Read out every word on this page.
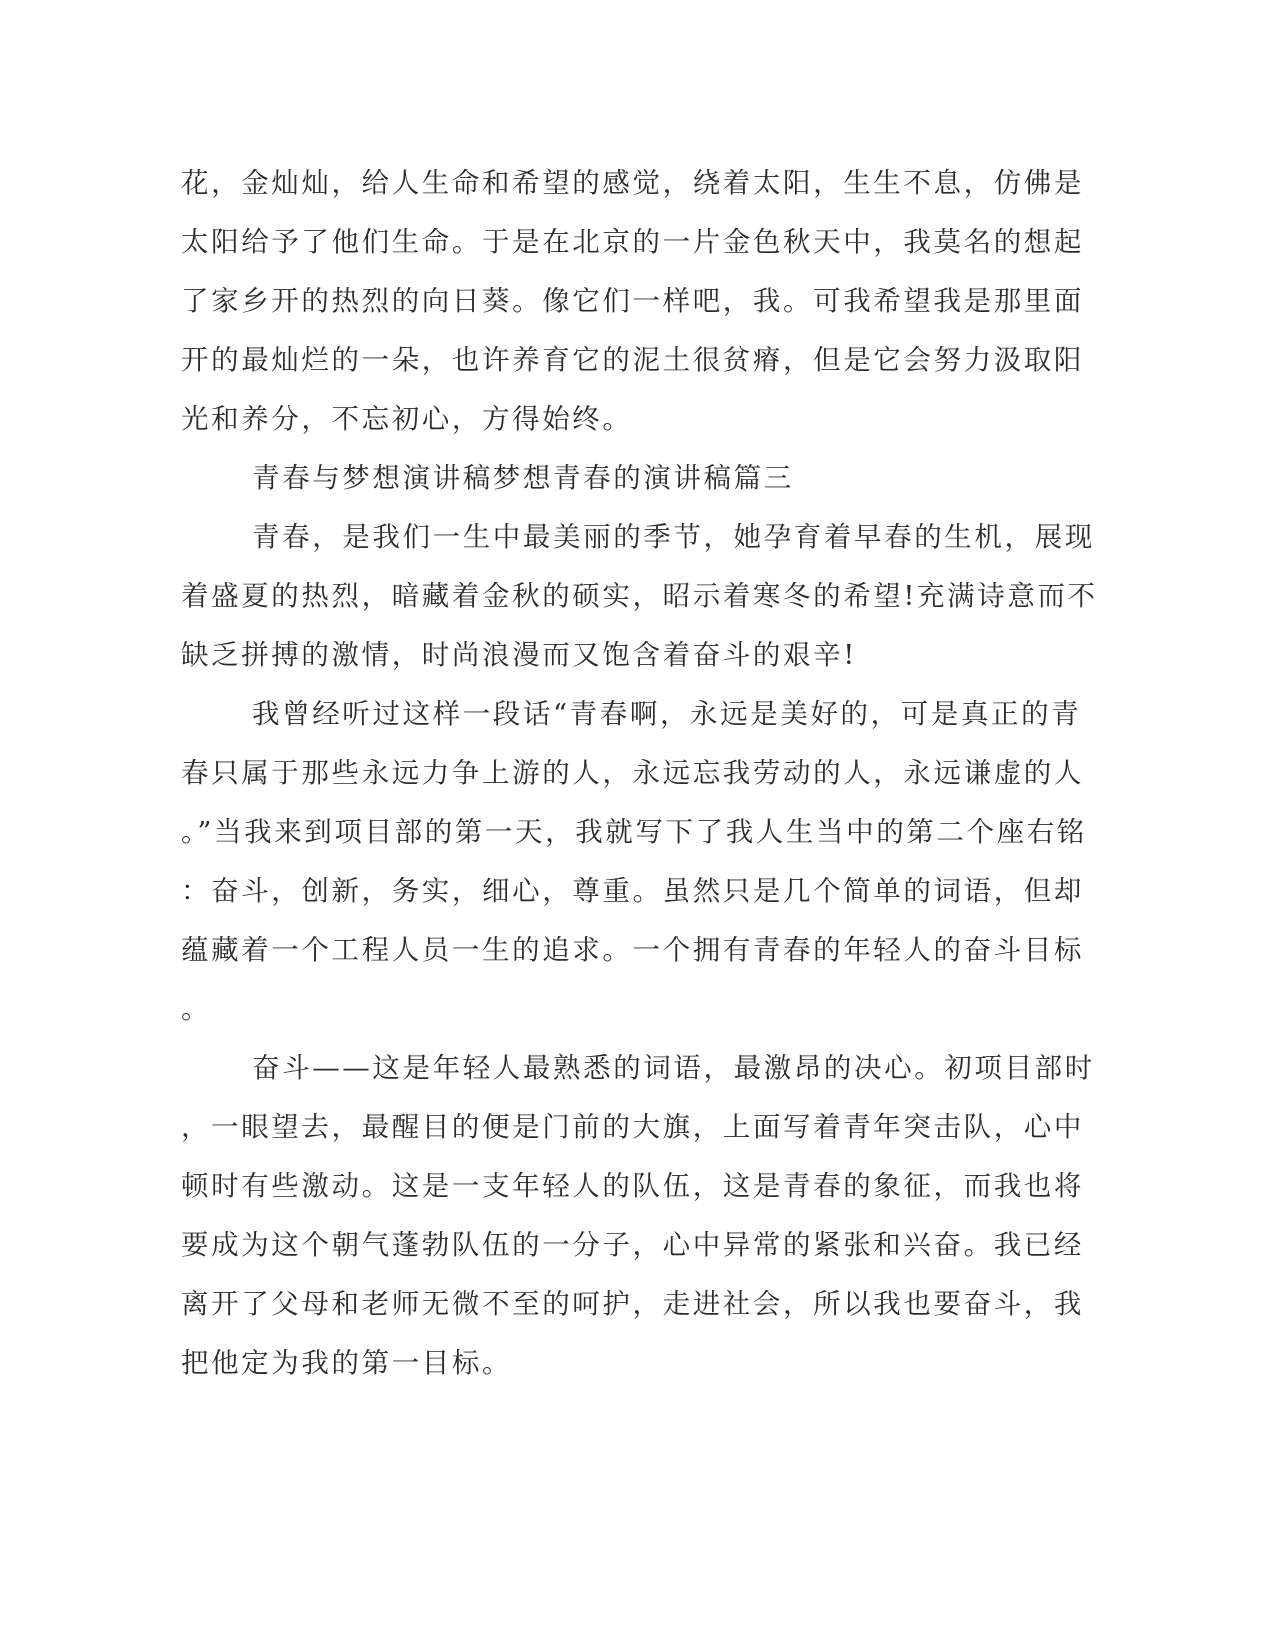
花，金灿灿，给人生命和希望的感觉，绕着太阳，生生不息，仿佛是
太阳给予了他们生命。于是在北京的一片金色秋天中，我莫名的想起
了家乡开的热烈的向日葵。像它们一样吧，我。可我希望我是那里面
开的最灿烂的一朵，也许养育它的泥土很贫瘠，但是它会努力汲取阳
光和养分，不忘初心，方得始终。
青春与梦想演讲稿梦想青春的演讲稿篇三
青春，是我们一生中最美丽的季节，她孕育着早春的生机，展现
着盛夏的热烈，暗藏着金秋的硕实，昭示着寒冬的希望!充满诗意而不
缺乏拼搏的激情，时尚浪漫而又饱含着奋斗的艰辛!
我曾经听过这样一段话“青春啊，永远是美好的，可是真正的青
春只属于那些永远力争上游的人，永远忘我劳动的人，永远谦虚的人
。”当我来到项目部的第一天，我就写下了我人生当中的第二个座右铭
：奋斗，创新，务实，细心，尊重。虽然只是几个简单的词语，但却
蕴藏着一个工程人员一生的追求。一个拥有青春的年轻人的奋斗目标
。
奋斗——这是年轻人最熟悉的词语，最激昂的决心。初项目部时
，一眼望去，最醒目的便是门前的大旗，上面写着青年突击队，心中
顿时有些激动。这是一支年轻人的队伍，这是青春的象征，而我也将
要成为这个朝气蓬勃队伍的一分子，心中异常的紧张和兴奋。我已经
离开了父母和老师无微不至的呵护，走进社会，所以我也要奋斗，我
把他定为我的第一目标。
